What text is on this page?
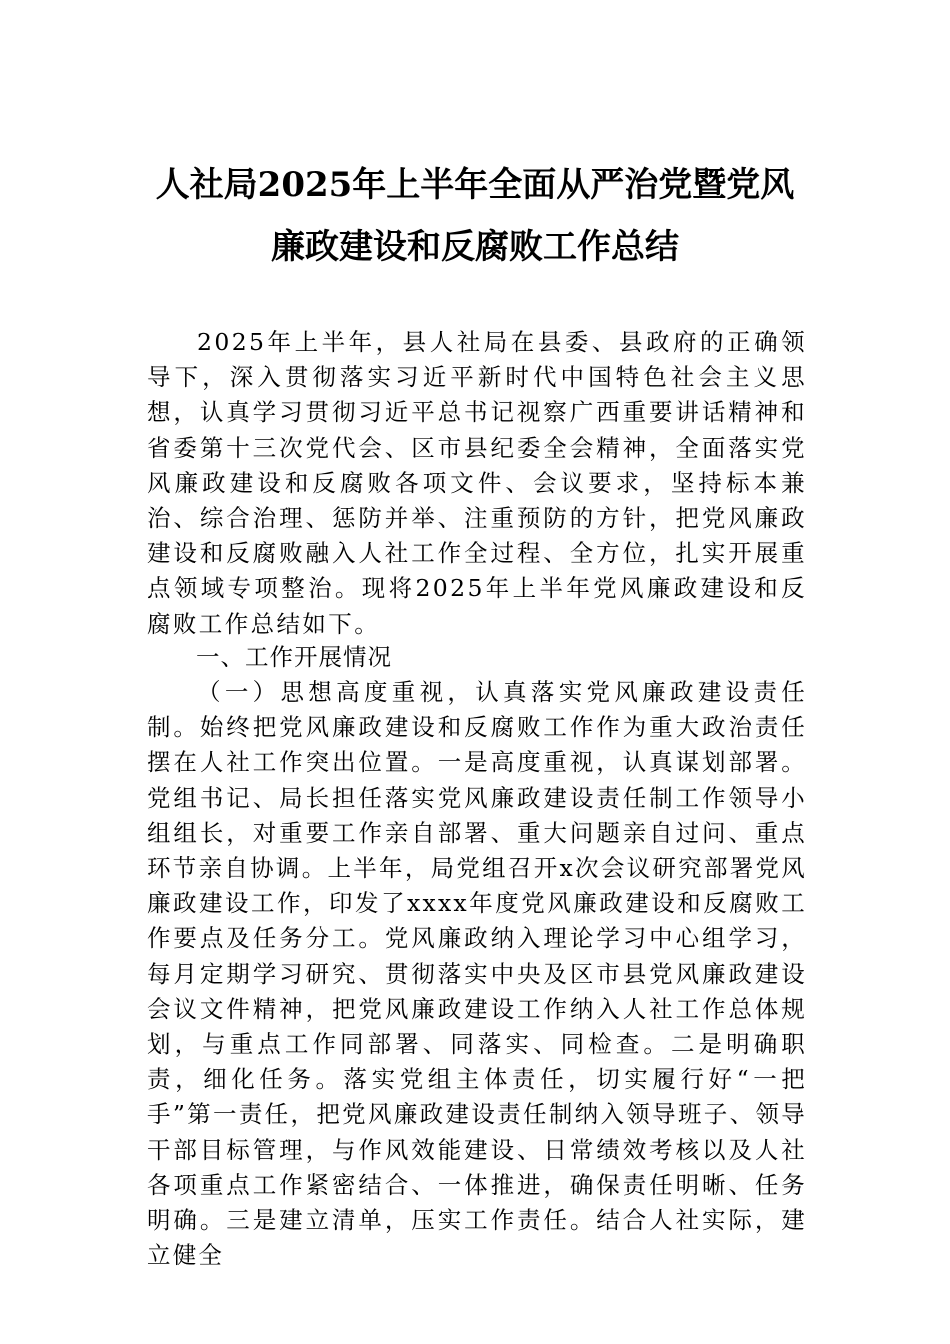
人社局2025年上半年全面从严治党暨党风
廉政建设和反腐败工作总结
2025年上半年，县人社局在县委、县政府的正确领导下，深入贯彻落实习近平新时代中国特色社会主义思想，认真学习贯彻习近平总书记视察广西重要讲话精神和省委第十三次党代会、区市县纪委全会精神，全面落实党风廉政建设和反腐败各项文件、会议要求，坚持标本兼治、综合治理、惩防并举、注重预防的方针，把党风廉政建设和反腐败融入人社工作全过程、全方位，扎实开展重点领域专项整治。现将2025年上半年党风廉政建设和反腐败工作总结如下。
一、工作开展情况
（一）思想高度重视，认真落实党风廉政建设责任制。始终把党风廉政建设和反腐败工作作为重大政治责任摆在人社工作突出位置。一是高度重视，认真谋划部署。党组书记、局长担任落实党风廉政建设责任制工作领导小组组长，对重要工作亲自部署、重大问题亲自过问、重点环节亲自协调。上半年，局党组召开x次会议研究部署党风廉政建设工作，印发了xxxx年度党风廉政建设和反腐败工作要点及任务分工。党风廉政纳入理论学习中心组学习，每月定期学习研究、贯彻落实中央及区市县党风廉政建设会议文件精神，把党风廉政建设工作纳入人社工作总体规划，与重点工作同部署、同落实、同检查。二是明确职责，细化任务。落实党组主体责任，切实履行好“一把手”第一责任，把党风廉政建设责任制纳入领导班子、领导干部目标管理，与作风效能建设、日常绩效考核以及人社各项重点工作紧密结合、一体推进，确保责任明晰、任务明确。三是建立清单，压实工作责任。结合人社实际，建立健全
